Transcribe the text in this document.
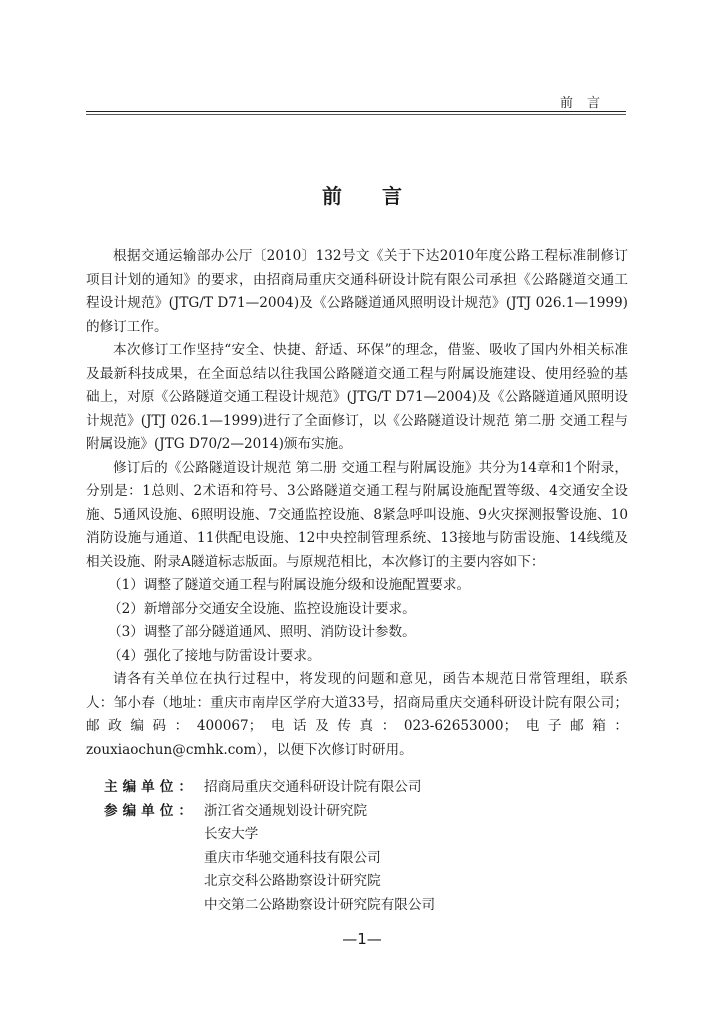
前言
前言

根据交通运输部办公厅〔2010〕132号文《关于下达2010年度公路工程标准制修订项目计划的通知》的要求，由招商局重庆交通科研设计院有限公司承担《公路隧道交通工程设计规范》(JTG/T D71—2004)及《公路隧道通风照明设计规范》(JTJ 026.1—1999)的修订工作。

本次修订工作坚持“安全、快捷、舒适、环保”的理念，借鉴、吸收了国内外相关标准及最新科技成果，在全面总结以往我国公路隧道交通工程与附属设施建设、使用经验的基础上，对原《公路隧道交通工程设计规范》(JTG/T D71—2004)及《公路隧道通风照明设计规范》(JTJ 026.1—1999)进行了全面修订，以《公路隧道设计规范 第二册 交通工程与附属设施》(JTG D70/2—2014)颁布实施。

修订后的《公路隧道设计规范 第二册 交通工程与附属设施》共分为14章和1个附录，分别是：1总则、2术语和符号、3公路隧道交通工程与附属设施配置等级、4交通安全设施、5通风设施、6照明设施、7交通监控设施、8紧急呼叫设施、9火灾探测报警设施、10消防设施与通道、11供配电设施、12中央控制管理系统、13接地与防雷设施、14线缆及相关设施、附录A隧道标志版面。与原规范相比，本次修订的主要内容如下：

（1）调整了隧道交通工程与附属设施分级和设施配置要求。

（2）新增部分交通安全设施、监控设施设计要求。

（3）调整了部分隧道通风、照明、消防设计参数。

（4）强化了接地与防雷设计要求。

请各有关单位在执行过程中，将发现的问题和意见，函告本规范日常管理组，联系人：邹小春（地址：重庆市南岸区学府大道33号，招商局重庆交通科研设计院有限公司；邮政编码：400067；电话及传真：023-62653000；电子邮箱：zouxiaochun@cmhk.com），以便下次修订时研用。

主编单位： 招商局重庆交通科研设计院有限公司
参编单位： 浙江省交通规划设计研究院
长安大学
重庆市华驰交通科技有限公司
北京交科公路勘察设计研究院
中交第二公路勘察设计研究院有限公司
—1—
